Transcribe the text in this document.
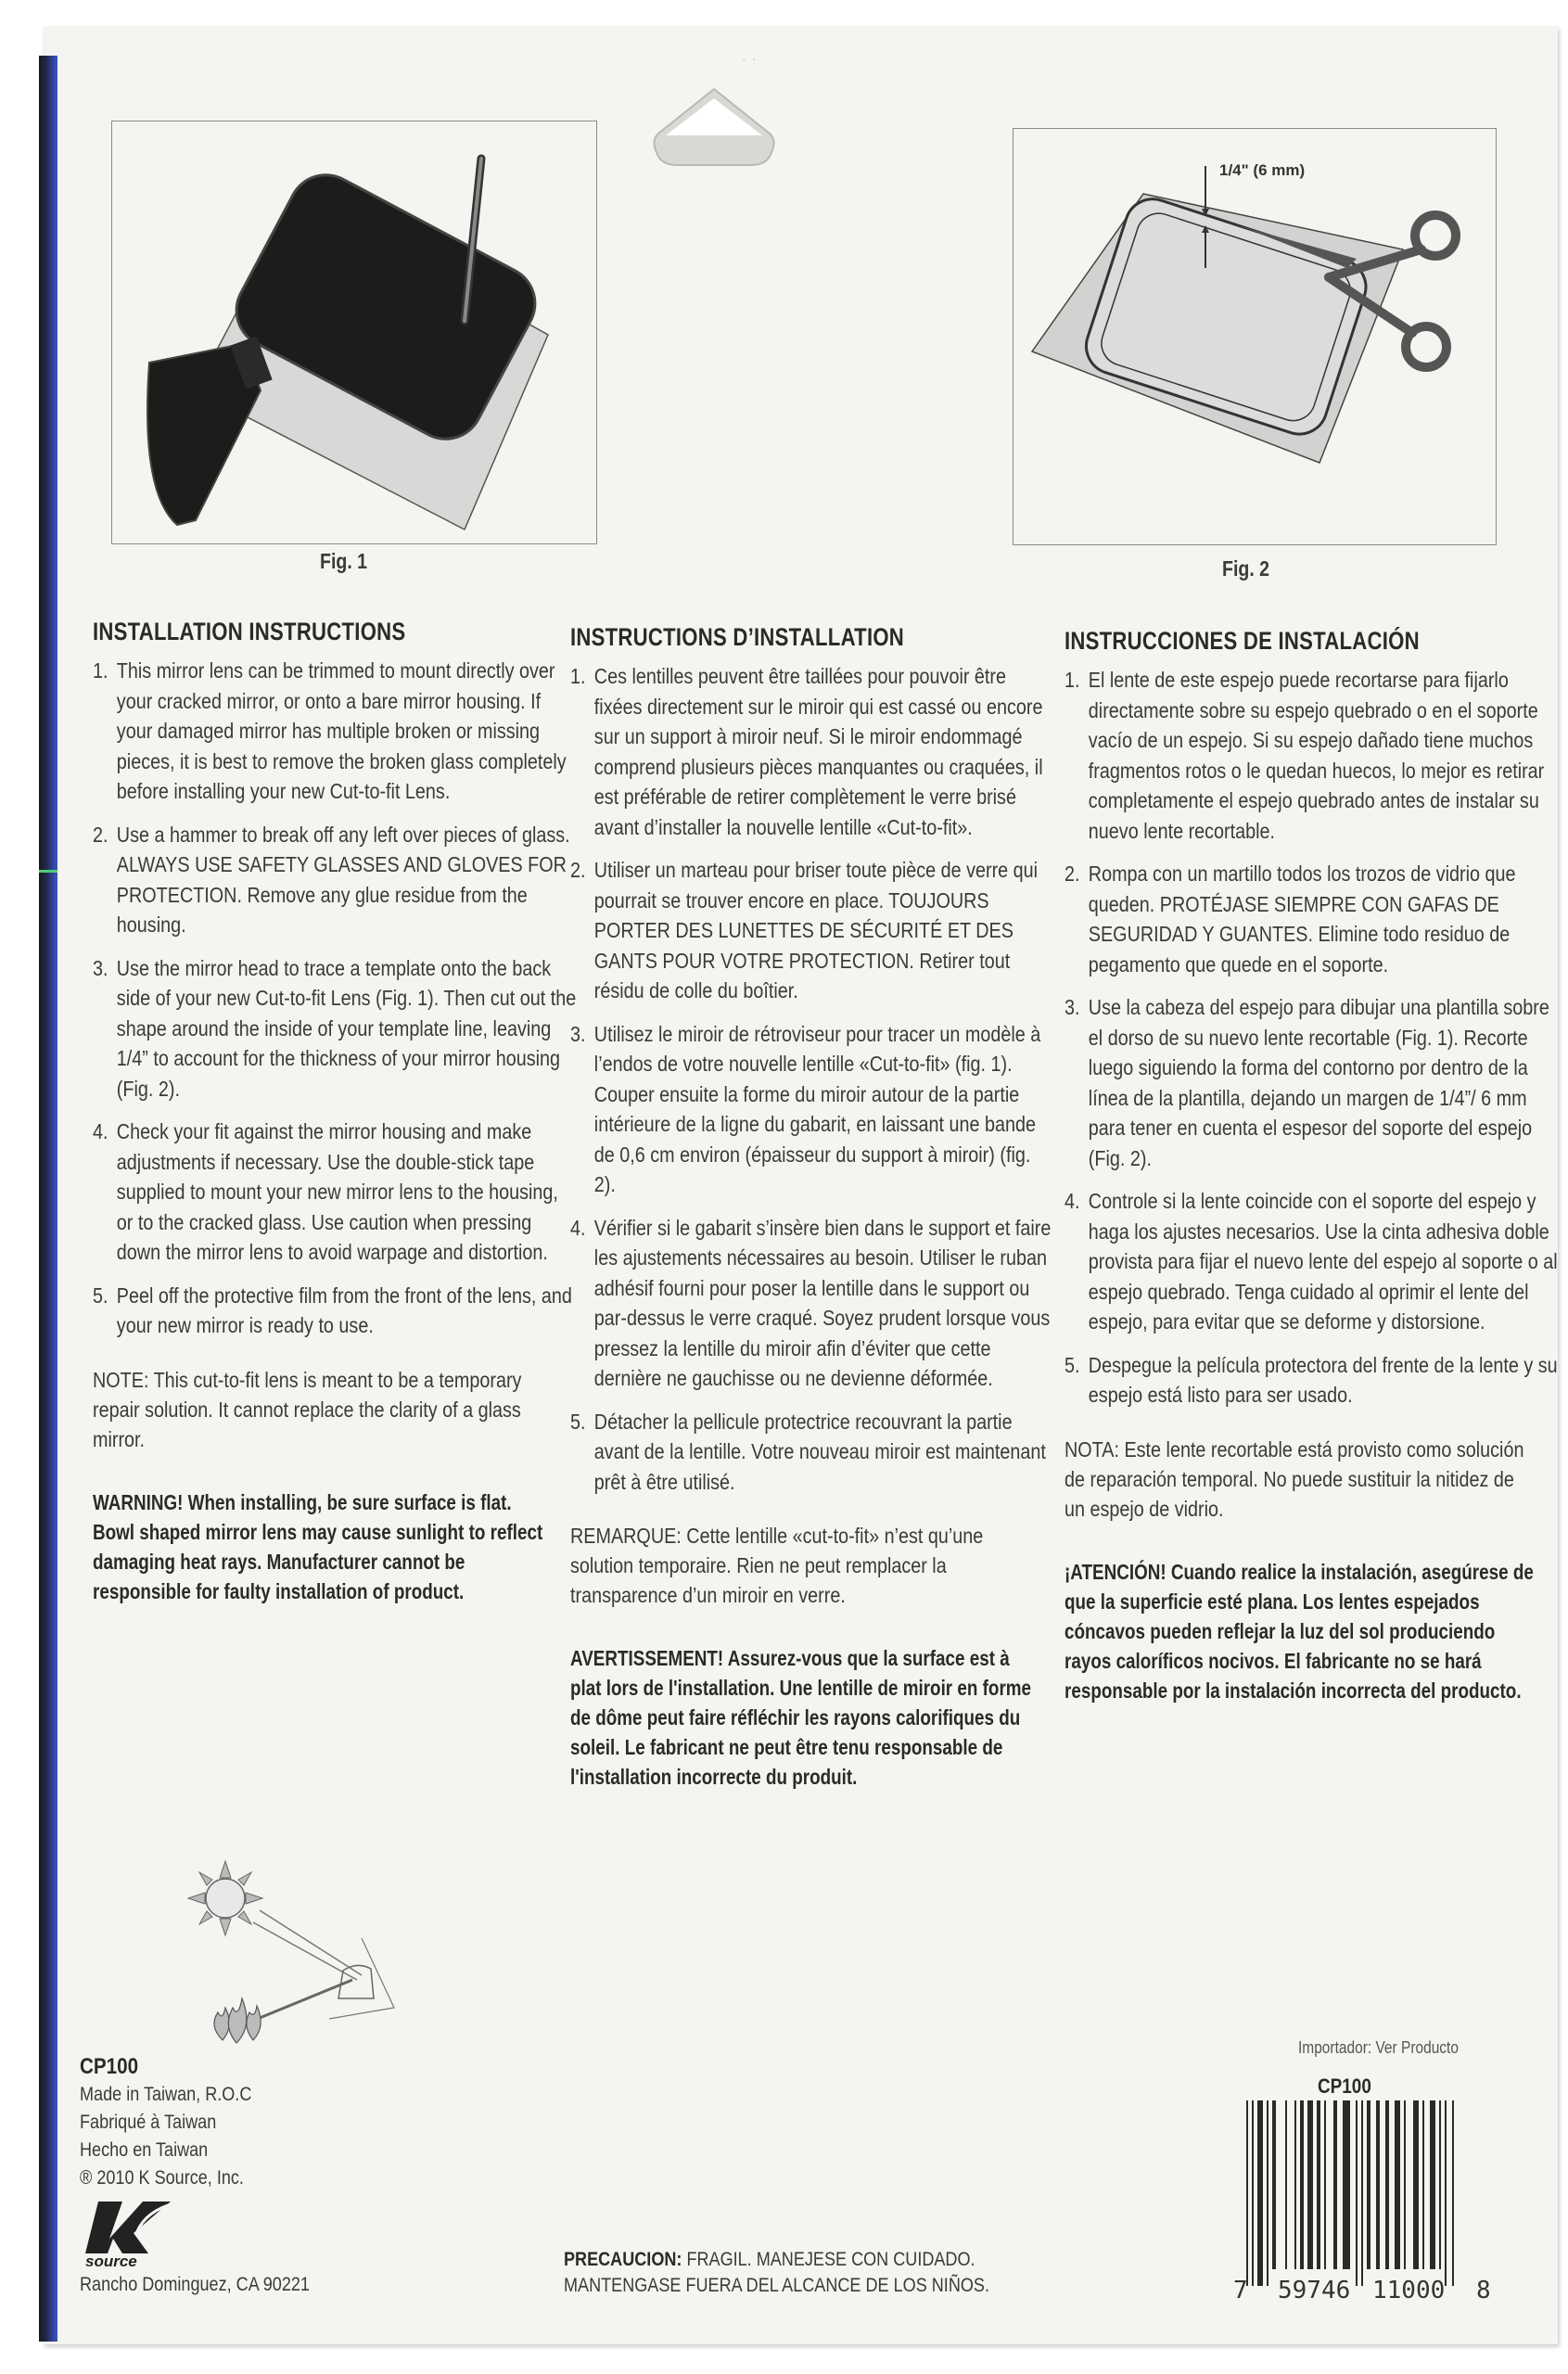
··
Fig. 1
1/4" (6 mm)
Fig. 2
INSTALLATION INSTRUCTIONS
1. This mirror lens can be trimmed to mount directly over your cracked mirror, or onto a bare mirror housing. If your damaged mirror has multiple broken or missing pieces, it is best to remove the broken glass completely before installing your new Cut-to-fit Lens.
2. Use a hammer to break off any left over pieces of glass. ALWAYS USE SAFETY GLASSES AND GLOVES FOR PROTECTION. Remove any glue residue from the housing.
3. Use the mirror head to trace a template onto the back side of your new Cut-to-fit Lens (Fig. 1). Then cut out the shape around the inside of your template line, leaving 1/4” to account for the thickness of your mirror housing (Fig. 2).
4. Check your fit against the mirror housing and make adjustments if necessary. Use the double-stick tape supplied to mount your new mirror lens to the housing, or to the cracked glass. Use caution when pressing down the mirror lens to avoid warpage and distortion.
5. Peel off the protective film from the front of the lens, and your new mirror is ready to use.
NOTE: This cut-to-fit lens is meant to be a temporary repair solution. It cannot replace the clarity of a glass mirror.
WARNING! When installing, be sure surface is flat. Bowl shaped mirror lens may cause sunlight to reflect damaging heat rays. Manufacturer cannot be responsible for faulty installation of product.
INSTRUCTIONS D’INSTALLATION
1. Ces lentilles peuvent être taillées pour pouvoir être fixées directement sur le miroir qui est cassé ou encore sur un support à miroir neuf. Si le miroir endommagé comprend plusieurs pièces manquantes ou craquées, il est préférable de retirer complètement le verre brisé avant d’installer la nouvelle lentille «Cut-to-fit».
2. Utiliser un marteau pour briser toute pièce de verre qui pourrait se trouver encore en place. TOUJOURS PORTER DES LUNETTES DE SÉCURITÉ ET DES GANTS POUR VOTRE PROTECTION. Retirer tout résidu de colle du boîtier.
3. Utilisez le miroir de rétroviseur pour tracer un modèle à l’endos de votre nouvelle lentille «Cut-to-fit» (fig. 1). Couper ensuite la forme du miroir autour de la partie intérieure de la ligne du gabarit, en laissant une bande de 0,6 cm environ (épaisseur du support à miroir) (fig. 2).
4. Vérifier si le gabarit s’insère bien dans le support et faire les ajustements nécessaires au besoin. Utiliser le ruban adhésif fourni pour poser la lentille dans le support ou par-dessus le verre craqué. Soyez prudent lorsque vous pressez la lentille du miroir afin d’éviter que cette dernière ne gauchisse ou ne devienne déformée.
5. Détacher la pellicule protectrice recouvrant la partie avant de la lentille. Votre nouveau miroir est maintenant prêt à être utilisé.
REMARQUE: Cette lentille «cut-to-fit» n’est qu’une solution temporaire. Rien ne peut remplacer la transparence d’un miroir en verre.
AVERTISSEMENT! Assurez-vous que la surface est à plat lors de l'installation. Une lentille de miroir en forme de dôme peut faire réfléchir les rayons calorifiques du soleil. Le fabricant ne peut être tenu responsable de l'installation incorrecte du produit.
INSTRUCCIONES DE INSTALACIÓN
1. El lente de este espejo puede recortarse para fijarlo directamente sobre su espejo quebrado o en el soporte vacío de un espejo. Si su espejo dañado tiene muchos fragmentos rotos o le quedan huecos, lo mejor es retirar completamente el espejo quebrado antes de instalar su nuevo lente recortable.
2. Rompa con un martillo todos los trozos de vidrio que queden. PROTÉJASE SIEMPRE CON GAFAS DE SEGURIDAD Y GUANTES. Elimine todo residuo de pegamento que quede en el soporte.
3. Use la cabeza del espejo para dibujar una plantilla sobre el dorso de su nuevo lente recortable (Fig. 1). Recorte luego siguiendo la forma del contorno por dentro de la línea de la plantilla, dejando un margen de 1/4”/ 6 mm para tener en cuenta el espesor del soporte del espejo (Fig. 2).
4. Controle si la lente coincide con el soporte del espejo y haga los ajustes necesarios. Use la cinta adhesiva doble provista para fijar el nuevo lente del espejo al soporte o al espejo quebrado. Tenga cuidado al oprimir el lente del espejo, para evitar que se deforme y distorsione.
5. Despegue la película protectora del frente de la lente y su espejo está listo para ser usado.
NOTA: Este lente recortable está provisto como solución de reparación temporal. No puede sustituir la nitidez de un espejo de vidrio.
¡ATENCIÓN! Cuando realice la instalación, asegúrese de que la superficie esté plana. Los lentes espejados cóncavos pueden reflejar la luz del sol produciendo rayos caloríficos nocivos. El fabricante no se hará responsable por la instalación incorrecta del producto.
CP100
Made in Taiwan, R.O.C
Fabriqué à Taiwan
Hecho en Taiwan
® 2010 K Source, Inc.
source
Rancho Dominguez, CA 90221
PRECAUCION: FRAGIL. MANEJESE CON CUIDADO.
MANTENGASE FUERA DEL ALCANCE DE LOS NIÑOS.
Importador: Ver Producto
CP100
7 59746 11000 8
